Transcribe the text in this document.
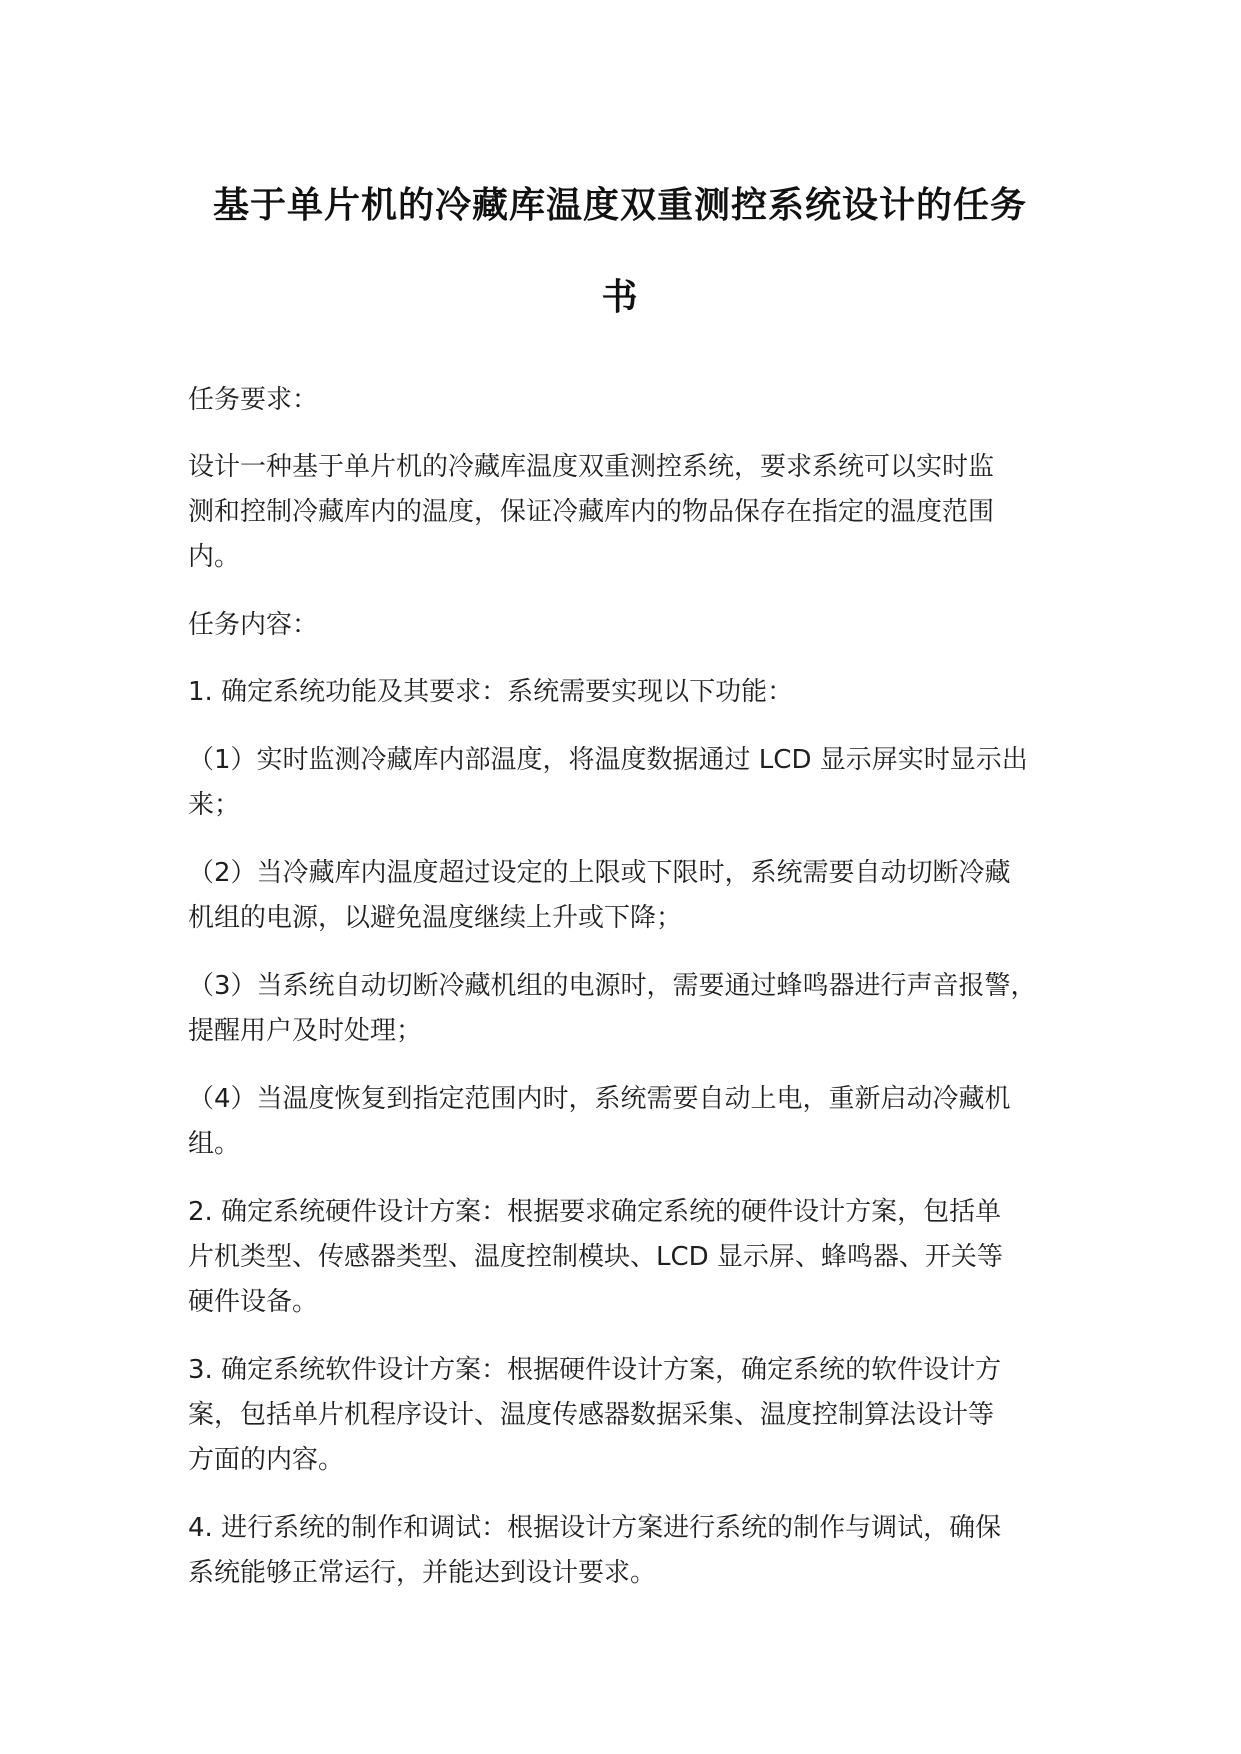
基于单片机的冷藏库温度双重测控系统设计的任务
书

任务要求：

设计一种基于单片机的冷藏库温度双重测控系统，要求系统可以实时监
测和控制冷藏库内的温度，保证冷藏库内的物品保存在指定的温度范围
内。

任务内容：

1. 确定系统功能及其要求：系统需要实现以下功能：

（1）实时监测冷藏库内部温度，将温度数据通过 LCD 显示屏实时显示出
来；

（2）当冷藏库内温度超过设定的上限或下限时，系统需要自动切断冷藏
机组的电源，以避免温度继续上升或下降；

（3）当系统自动切断冷藏机组的电源时，需要通过蜂鸣器进行声音报警，
提醒用户及时处理；

（4）当温度恢复到指定范围内时，系统需要自动上电，重新启动冷藏机
组。

2. 确定系统硬件设计方案：根据要求确定系统的硬件设计方案，包括单
片机类型、传感器类型、温度控制模块、LCD 显示屏、蜂鸣器、开关等
硬件设备。

3. 确定系统软件设计方案：根据硬件设计方案，确定系统的软件设计方
案，包括单片机程序设计、温度传感器数据采集、温度控制算法设计等
方面的内容。

4. 进行系统的制作和调试：根据设计方案进行系统的制作与调试，确保
系统能够正常运行，并能达到设计要求。
